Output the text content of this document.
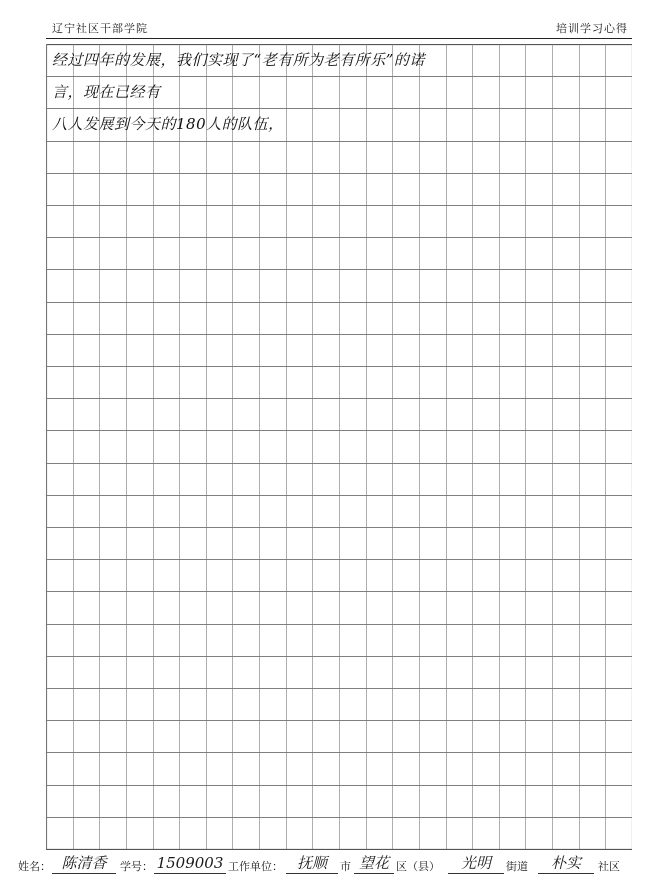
辽宁社区干部学院	培训学习心得
经过四年的发展，我们实现了“老有所为老有所乐”的诺
言，现在已经有
八人发展到今天的180人的队伍，
姓名： 陈清香	学号： 1509003 工作单位： 抚顺	市 望花 区（县）	光明	街道	朴实	社区
